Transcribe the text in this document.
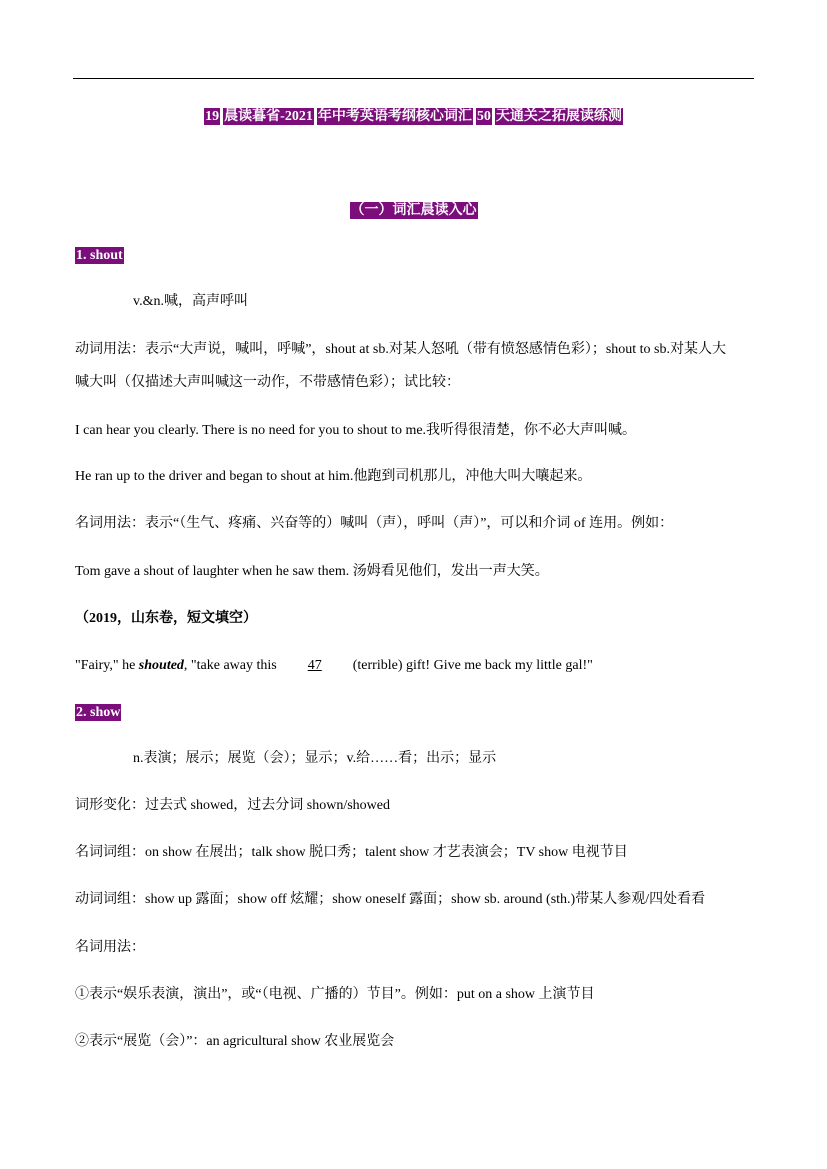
19 晨读暮省-2021 年中考英语考纲核心词汇 50 天通关之拓展读练测
（一）词汇晨读入心
1. shout
v.&n.喊，高声呼叫
动词用法：表示“大声说，喊叫，呼喊”，shout at sb.对某人怒吼（带有愤怒感情色彩）；shout to sb.对某人大
喊大叫（仅描述大声叫喊这一动作，不带感情色彩）；试比较：
I can hear you clearly. There is no need for you to shout to me.我听得很清楚，你不必大声叫喊。
He ran up to the driver and began to shout at him.他跑到司机那儿，冲他大叫大嚷起来。
名词用法：表示“（生气、疼痛、兴奋等的）喊叫（声），呼叫（声）”，可以和介词 of 连用。例如：
Tom gave a shout of laughter when he saw them. 汤姆看见他们，发出一声大笑。
（2019，山东卷，短文填空）
"Fairy," he shouted, "take away this 47 (terrible) gift! Give me back my little gal!"
2. show
n.表演；展示；展览（会）；显示；v.给……看；出示；显示
词形变化：过去式 showed，过去分词 shown/showed
名词词组：on show 在展出；talk show 脱口秀；talent show 才艺表演会；TV show 电视节目
动词词组：show up 露面；show off 炫耀；show oneself 露面；show sb. around (sth.)带某人参观/四处看看
名词用法：
①表示“娱乐表演，演出”，或“（电视、广播的）节目”。例如：put on a show 上演节目
②表示“展览（会）”：an agricultural show 农业展览会
